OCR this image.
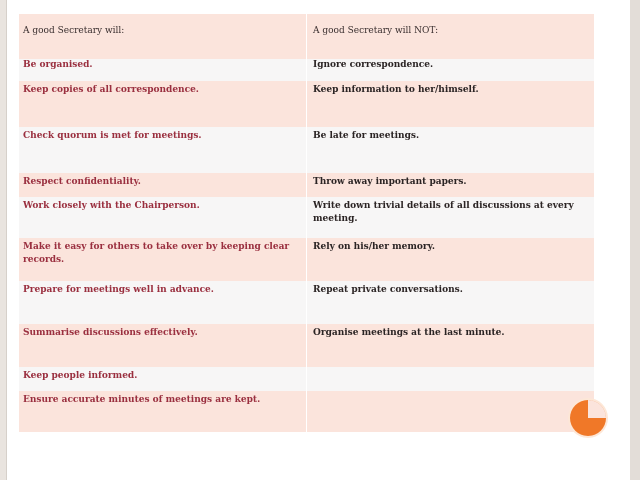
A good Secretary will:	A good Secretary will NOT:
Be organised.	Ignore correspondence.
Keep copies of all correspondence.	Keep information to her/himself.
Check quorum is met for meetings.	Be late for meetings.
Respect confidentiality.	Throw away important papers.
Work closely with the Chairperson.	Write down trivial details of all discussions at every meeting.
Make it easy for others to take over by keeping clear records.	Rely on his/her memory.
Prepare for meetings well in advance.	Repeat private conversations.
Summarise discussions effectively.	Organise meetings at the last minute.
Keep people informed.	
Ensure accurate minutes of meetings are kept.	
